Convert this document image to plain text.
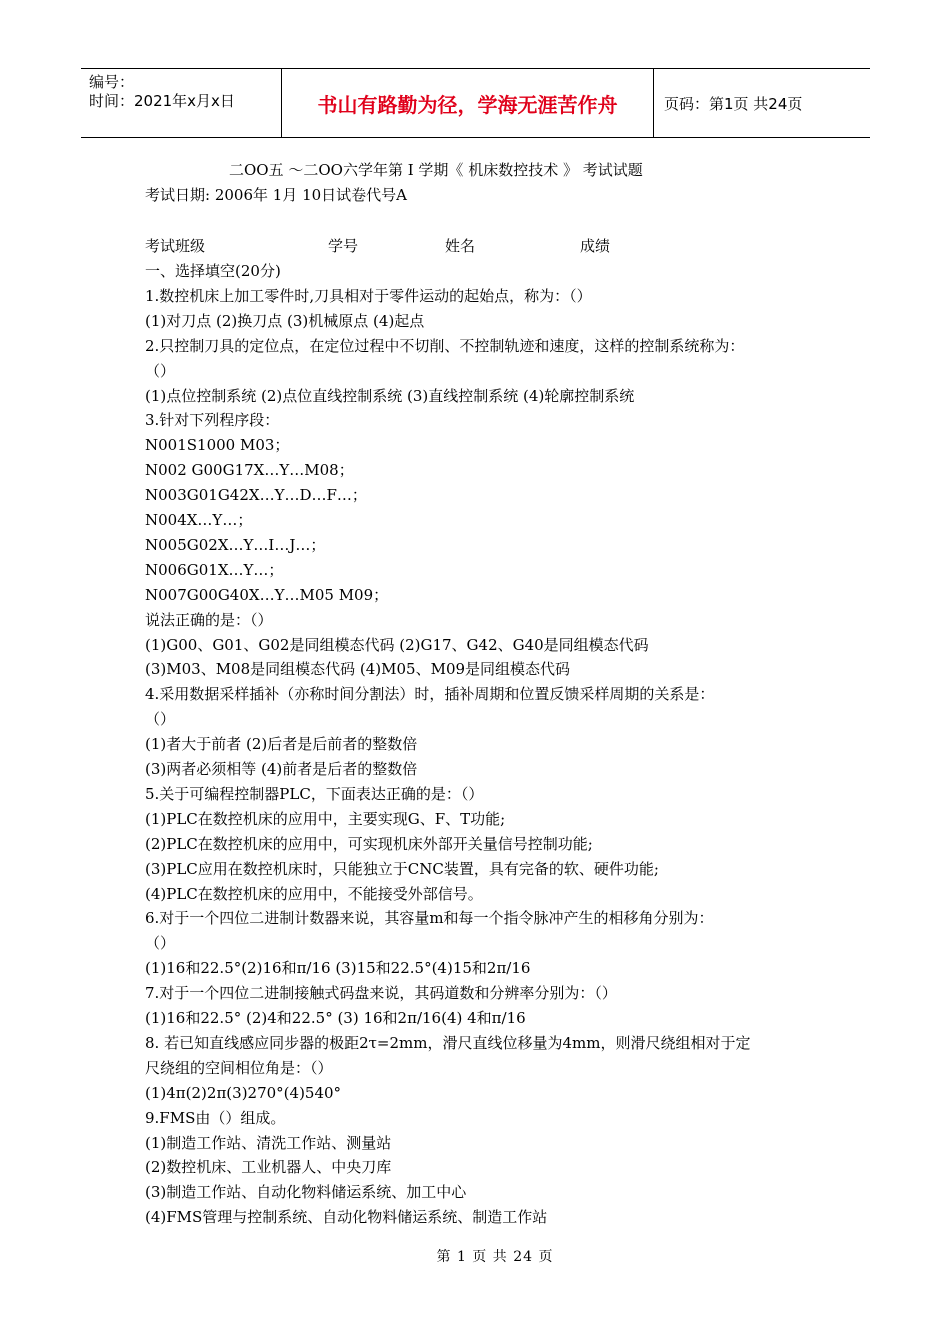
编号：
时间：2021年x月x日	书山有路勤为径，学海无涯苦作舟	页码：第1页 共24页
二OO五 ～二OO六学年第 Ⅰ 学期《 机床数控技术 》 考试试题
考试日期: 2006年 1月 10日试卷代号A
考试班级	学号	姓名	成绩
一、选择填空(20分)
1.数控机床上加工零件时,刀具相对于零件运动的起始点，称为：（）
(1)对刀点 (2)换刀点 (3)机械原点 (4)起点
2.只控制刀具的定位点，在定位过程中不切削、不控制轨迹和速度，这样的控制系统称为：
（）
(1)点位控制系统 (2)点位直线控制系统 (3)直线控制系统 (4)轮廓控制系统
3.针对下列程序段：
N001S1000 M03；
N002 G00G17X…Y…M08；
N003G01G42X…Y…D…F…；
N004X…Y…；
N005G02X…Y…I…J…；
N006G01X…Y…；
N007G00G40X…Y…M05 M09；
说法正确的是：（）
(1)G00、G01、G02是同组模态代码 (2)G17、G42、G40是同组模态代码
(3)M03、M08是同组模态代码 (4)M05、M09是同组模态代码
4.采用数据采样插补（亦称时间分割法）时，插补周期和位置反馈采样周期的关系是：
（）
(1)者大于前者 (2)后者是后前者的整数倍
(3)两者必须相等 (4)前者是后者的整数倍
5.关于可编程控制器PLC，下面表达正确的是：（）
(1)PLC在数控机床的应用中，主要实现G、F、T功能;
(2)PLC在数控机床的应用中，可实现机床外部开关量信号控制功能;
(3)PLC应用在数控机床时，只能独立于CNC装置，具有完备的软、硬件功能;
(4)PLC在数控机床的应用中，不能接受外部信号。
6.对于一个四位二进制计数器来说，其容量m和每一个指令脉冲产生的相移角分别为：
（）
(1)16和22.5°(2)16和π/16 (3)15和22.5°(4)15和2π/16
7.对于一个四位二进制接触式码盘来说，其码道数和分辨率分别为：（）
(1)16和22.5° (2)4和22.5° (3) 16和2π/16(4) 4和π/16
8. 若已知直线感应同步器的极距2τ=2mm，滑尺直线位移量为4mm，则滑尺绕组相对于定
尺绕组的空间相位角是：（）
(1)4π(2)2π(3)270°(4)540°
9.FMS由（）组成。
(1)制造工作站、清洗工作站、测量站
(2)数控机床、工业机器人、中央刀库
(3)制造工作站、自动化物料储运系统、加工中心
(4)FMS管理与控制系统、自动化物料储运系统、制造工作站
第 1 页 共 24 页
